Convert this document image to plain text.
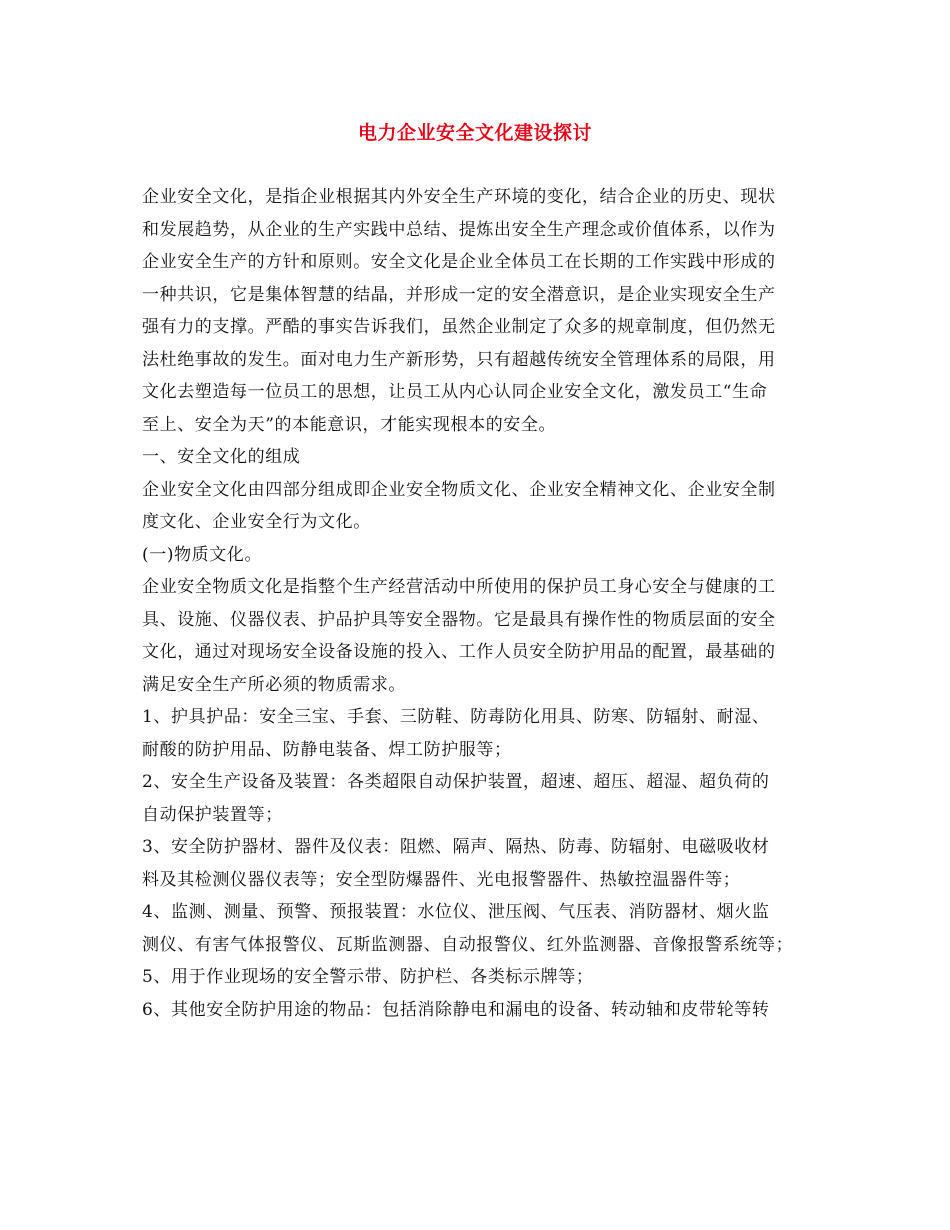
电力企业安全文化建设探讨
企业安全文化，是指企业根据其内外安全生产环境的变化，结合企业的历史、现状
和发展趋势，从企业的生产实践中总结、提炼出安全生产理念或价值体系，以作为
企业安全生产的方针和原则。安全文化是企业全体员工在长期的工作实践中形成的
一种共识，它是集体智慧的结晶，并形成一定的安全潜意识，是企业实现安全生产
强有力的支撑。严酷的事实告诉我们，虽然企业制定了众多的规章制度，但仍然无
法杜绝事故的发生。面对电力生产新形势，只有超越传统安全管理体系的局限，用
文化去塑造每一位员工的思想，让员工从内心认同企业安全文化，激发员工“生命
至上、安全为天”的本能意识，才能实现根本的安全。
一、安全文化的组成
企业安全文化由四部分组成即企业安全物质文化、企业安全精神文化、企业安全制
度文化、企业安全行为文化。
(一)物质文化。
企业安全物质文化是指整个生产经营活动中所使用的保护员工身心安全与健康的工
具、设施、仪器仪表、护品护具等安全器物。它是最具有操作性的物质层面的安全
文化，通过对现场安全设备设施的投入、工作人员安全防护用品的配置，最基础的
满足安全生产所必须的物质需求。
1、护具护品：安全三宝、手套、三防鞋、防毒防化用具、防寒、防辐射、耐湿、
耐酸的防护用品、防静电装备、焊工防护服等；
2、安全生产设备及装置：各类超限自动保护装置，超速、超压、超湿、超负荷的
自动保护装置等；
3、安全防护器材、器件及仪表：阻燃、隔声、隔热、防毒、防辐射、电磁吸收材
料及其检测仪器仪表等；安全型防爆器件、光电报警器件、热敏控温器件等；
4、监测、测量、预警、预报装置：水位仪、泄压阀、气压表、消防器材、烟火监
测仪、有害气体报警仪、瓦斯监测器、自动报警仪、红外监测器、音像报警系统等；
5、用于作业现场的安全警示带、防护栏、各类标示牌等；
6、其他安全防护用途的物品：包括消除静电和漏电的设备、转动轴和皮带轮等转
